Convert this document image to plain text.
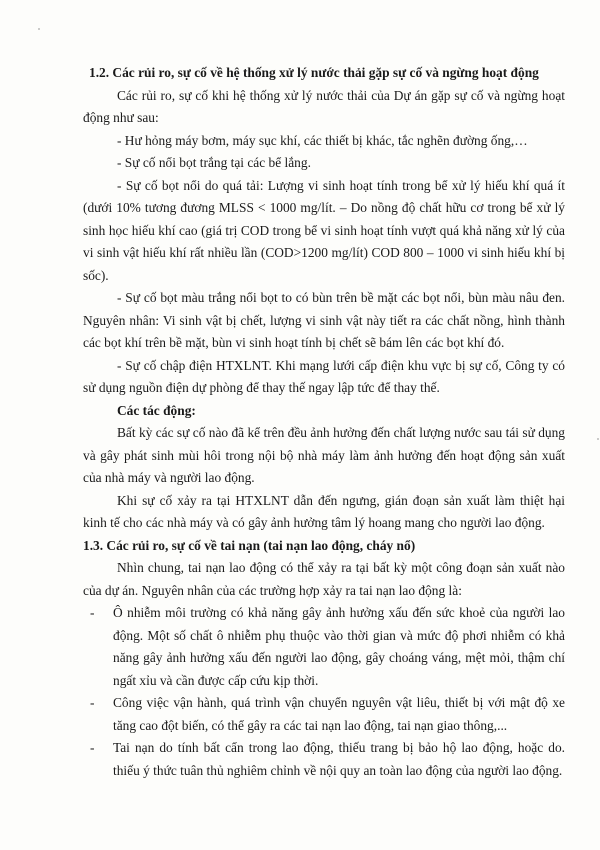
1.2. Các rủi ro, sự cố về hệ thống xử lý nước thải gặp sự cố và ngừng hoạt động

Các rủi ro, sự cố khi hệ thống xử lý nước thải của Dự án gặp sự cố và ngừng hoạt động như sau:

- Hư hỏng máy bơm, máy sục khí, các thiết bị khác, tắc nghẽn đường ống,…

- Sự cố nổi bọt trắng tại các bể lắng.

- Sự cố bọt nổi do quá tải: Lượng vi sinh hoạt tính trong bể xử lý hiếu khí quá ít (dưới 10% tương đương MLSS < 1000 mg/lít. – Do nồng độ chất hữu cơ trong bể xử lý sinh học hiếu khí cao (giá trị COD trong bể vi sinh hoạt tính vượt quá khả năng xử lý của vi sinh vật hiếu khí rất nhiều lần (COD>1200 mg/lít) COD 800 – 1000 vi sinh hiếu khí bị sốc).

- Sự cố bọt màu trắng nổi bọt to có bùn trên bề mặt các bọt nổi, bùn màu nâu đen. Nguyên nhân: Vi sinh vật bị chết, lượng vi sinh vật này tiết ra các chất nồng, hình thành các bọt khí trên bề mặt, bùn vi sinh hoạt tính bị chết sẽ bám lên các bọt khí đó.

- Sự cố chập điện HTXLNT. Khi mạng lưới cấp điện khu vực bị sự cố, Công ty có sử dụng nguồn điện dự phòng để thay thế ngay lập tức để thay thế.

Các tác động:

Bất kỳ các sự cố nào đã kể trên đều ảnh hưởng đến chất lượng nước sau tái sử dụng và gây phát sinh mùi hôi trong nội bộ nhà máy làm ảnh hưởng đến hoạt động sản xuất của nhà máy và người lao động.

Khi sự cố xảy ra tại HTXLNT dẫn đến ngưng, gián đoạn sản xuất làm thiệt hại kinh tế cho các nhà máy và có gây ảnh hưởng tâm lý hoang mang cho người lao động.

1.3. Các rủi ro, sự cố về tai nạn (tai nạn lao động, cháy nổ)

Nhìn chung, tai nạn lao động có thể xảy ra tại bất kỳ một công đoạn sản xuất nào của dự án. Nguyên nhân của các trường hợp xảy ra tai nạn lao động là:

- Ô nhiễm môi trường có khả năng gây ảnh hưởng xấu đến sức khoẻ của người lao động. Một số chất ô nhiễm phụ thuộc vào thời gian và mức độ phơi nhiễm có khả năng gây ảnh hưởng xấu đến người lao động, gây choáng váng, mệt mỏi, thậm chí ngất xỉu và cần được cấp cứu kịp thời.
- Công việc vận hành, quá trình vận chuyển nguyên vật liêu, thiết bị với mật độ xe tăng cao đột biến, có thể gây ra các tai nạn lao động, tai nạn giao thông,...
- Tai nạn do tính bất cẩn trong lao động, thiếu trang bị bảo hộ lao động, hoặc do. thiếu ý thức tuân thủ nghiêm chỉnh về nội quy an toàn lao động của người lao động.
